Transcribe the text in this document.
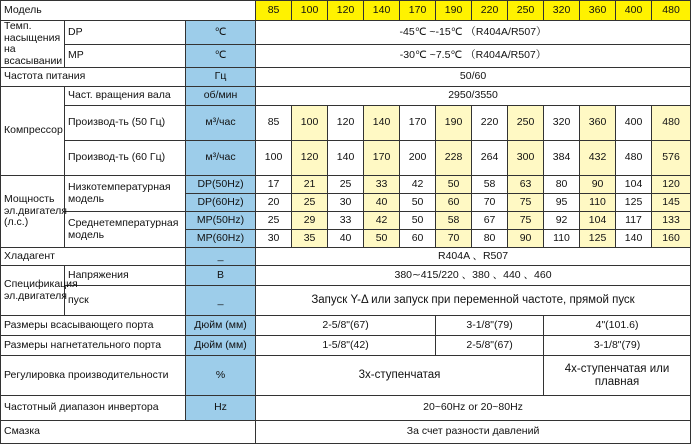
Модель			85	100	120	140	170	190	220	250	320	360	400	480
Темп. насыщения на всасывании	DP	℃	-45℃ ~-15℃ （R404A/R507）											
	MP	℃	-30℃ ~7.5℃ （R404A/R507）											
Частота питания		Гц	50/60											
Компрессор	Част. вращения вала	об/мин	2950/3550											
	Производ-ть (50 Гц)	м³/час	85	100	120	140	170	190	220	250	320	360	400	480
	Производ-ть (60 Гц)	м³/час	100	120	140	170	200	228	264	300	384	432	480	576
Мощность эл.двигателя (л.с.)	Низкотемпературная модель	DP(50Hz)	17	21	25	33	42	50	58	63	80	90	104	120
		DP(60Hz)	20	25	30	40	50	60	70	75	95	110	125	145
	Среднетемпературная модель	MP(50Hz)	25	29	33	42	50	58	67	75	92	104	117	133
		MP(60Hz)	30	35	40	50	60	70	80	90	110	125	140	160
Хладагент		_	R404A 、R507											
Спецификация эл.двигателя	Напряжения	B	380∼415/220 、380 、440 、460											
	пуск	_	Запуск Y-Δ или запуск при переменной частоте, прямой пуск											
Размеры всасывающего порта		Дюйм (мм)	2-5/8"(67)					3-1/8"(79)			4"(101.6)			
Размеры нагнетательного порта		Дюйм (мм)	1-5/8"(42)					2-5/8"(67)			3-1/8"(79)			
Регулировка производительности		%	3х-ступенчатая								4х-ступенчатая или плавная			
Частотный диапазон инвертора		Hz	20~60Hz or 20~80Hz											
Смазка			За счет разности давлений											
